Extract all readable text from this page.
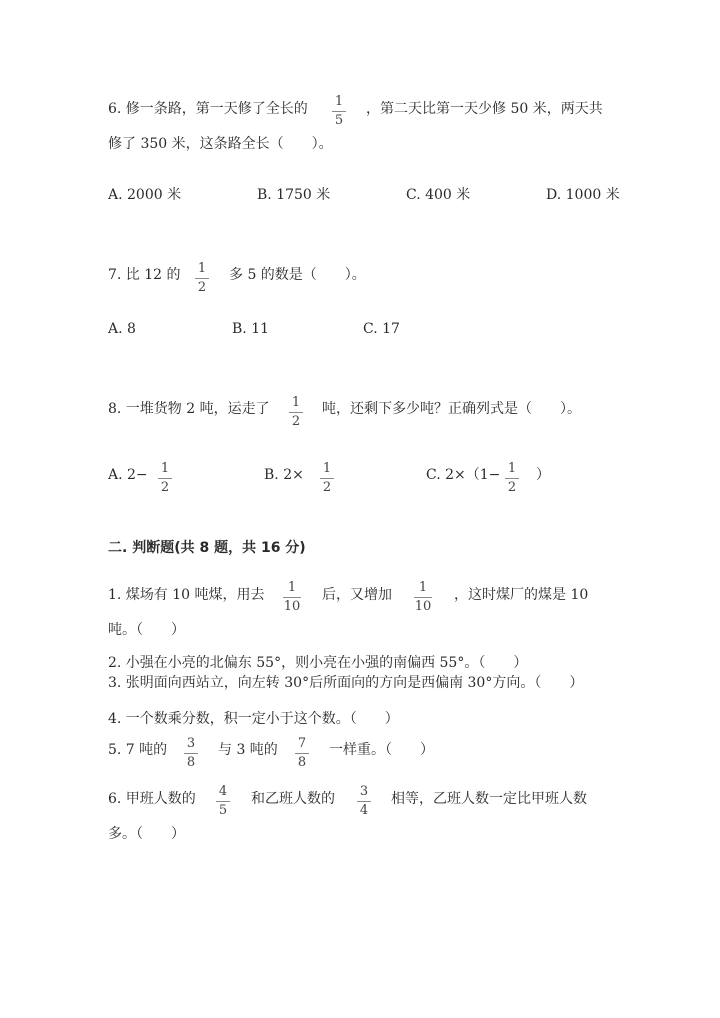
6. 修一条路，第一天修了全长的 1
5
，第二天比第一天少修 50 米，两天共
修了 350 米，这条路全长（　　）。
A. 2000 米	B. 1750 米	C. 400 米	D. 1000 米
7. 比 12 的 1
2
多 5 的数是（　　）。
A. 8	B. 11	C. 17
8. 一堆货物 2 吨，运走了 1
2
吨，还剩下多少吨？正确列式是（　　）。
A. 2− 1
2
B. 2× 1
2
C. 2×（1− 1
2
）
二. 判断题(共 8 题，共 16 分)
1. 煤场有 10 吨煤，用去	1
10
后，又增加	1
10
，这时煤厂的煤是 10
吨。（　　）
2. 小强在小亮的北偏东 55°，则小亮在小强的南偏西 55°。（　　）
3. 张明面向西站立，向左转 30°后所面向的方向是西偏南 30°方向。（　　）
4. 一个数乘分数，积一定小于这个数。（　　）
5. 7 吨的 3
8
与 3 吨的 7
8
一样重。（　　）
6. 甲班人数的 4
5
和乙班人数的 3
4
相等，乙班人数一定比甲班人数
多。（　　）
